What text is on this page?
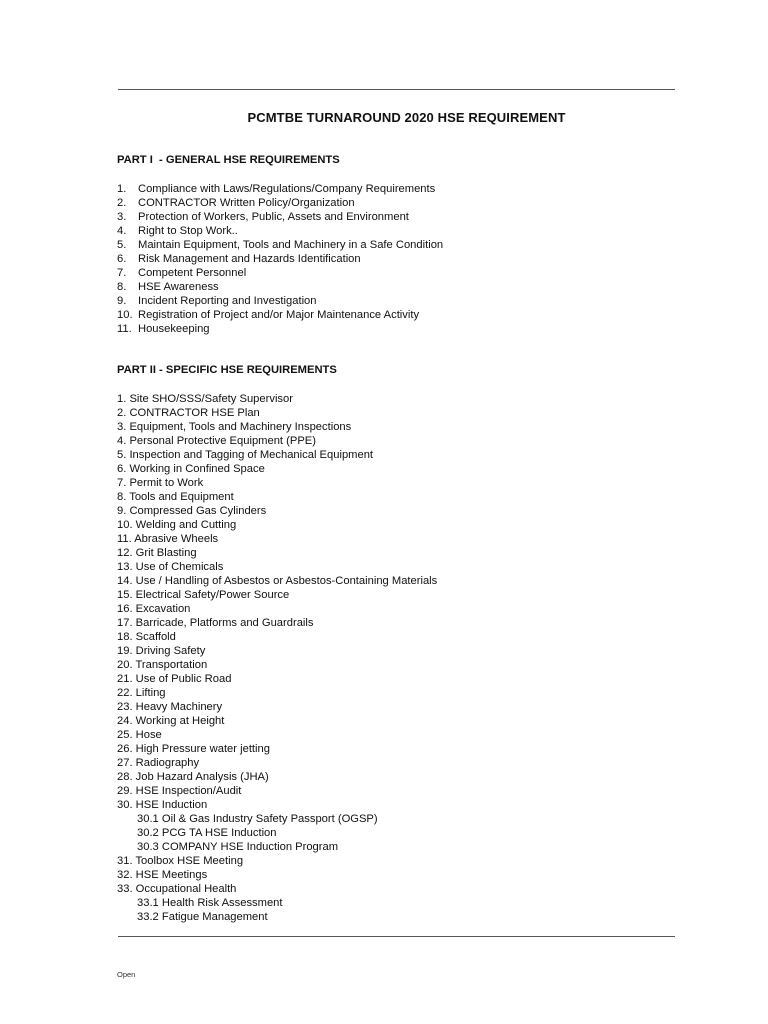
PCMTBE TURNAROUND 2020 HSE REQUIREMENT
PART I  - GENERAL HSE REQUIREMENTS
1.	Compliance with Laws/Regulations/Company Requirements
2.	CONTRACTOR Written Policy/Organization
3.	Protection of Workers, Public, Assets and Environment
4.	Right to Stop Work..
5.	Maintain Equipment, Tools and Machinery in a Safe Condition
6.	Risk Management and Hazards Identification
7.	Competent Personnel
8.	HSE Awareness
9.	Incident Reporting and Investigation
10. Registration of Project and/or Major Maintenance Activity
11. Housekeeping
PART II - SPECIFIC HSE REQUIREMENTS
1. Site SHO/SSS/Safety Supervisor
2. CONTRACTOR HSE Plan
3. Equipment, Tools and Machinery Inspections
4. Personal Protective Equipment (PPE)
5. Inspection and Tagging of Mechanical Equipment
6. Working in Confined Space
7. Permit to Work
8. Tools and Equipment
9. Compressed Gas Cylinders
10. Welding and Cutting
11. Abrasive Wheels
12. Grit Blasting
13. Use of Chemicals
14. Use / Handling of Asbestos or Asbestos-Containing Materials
15. Electrical Safety/Power Source
16. Excavation
17. Barricade, Platforms and Guardrails
18. Scaffold
19. Driving Safety
20. Transportation
21. Use of Public Road
22. Lifting
23. Heavy Machinery
24. Working at Height
25. Hose
26. High Pressure water jetting
27. Radiography
28. Job Hazard Analysis (JHA)
29. HSE Inspection/Audit
30. HSE Induction
30.1 Oil & Gas Industry Safety Passport (OGSP)
30.2 PCG TA HSE Induction
30.3 COMPANY HSE Induction Program
31. Toolbox HSE Meeting
32. HSE Meetings
33. Occupational Health
33.1 Health Risk Assessment
33.2 Fatigue Management
Open
